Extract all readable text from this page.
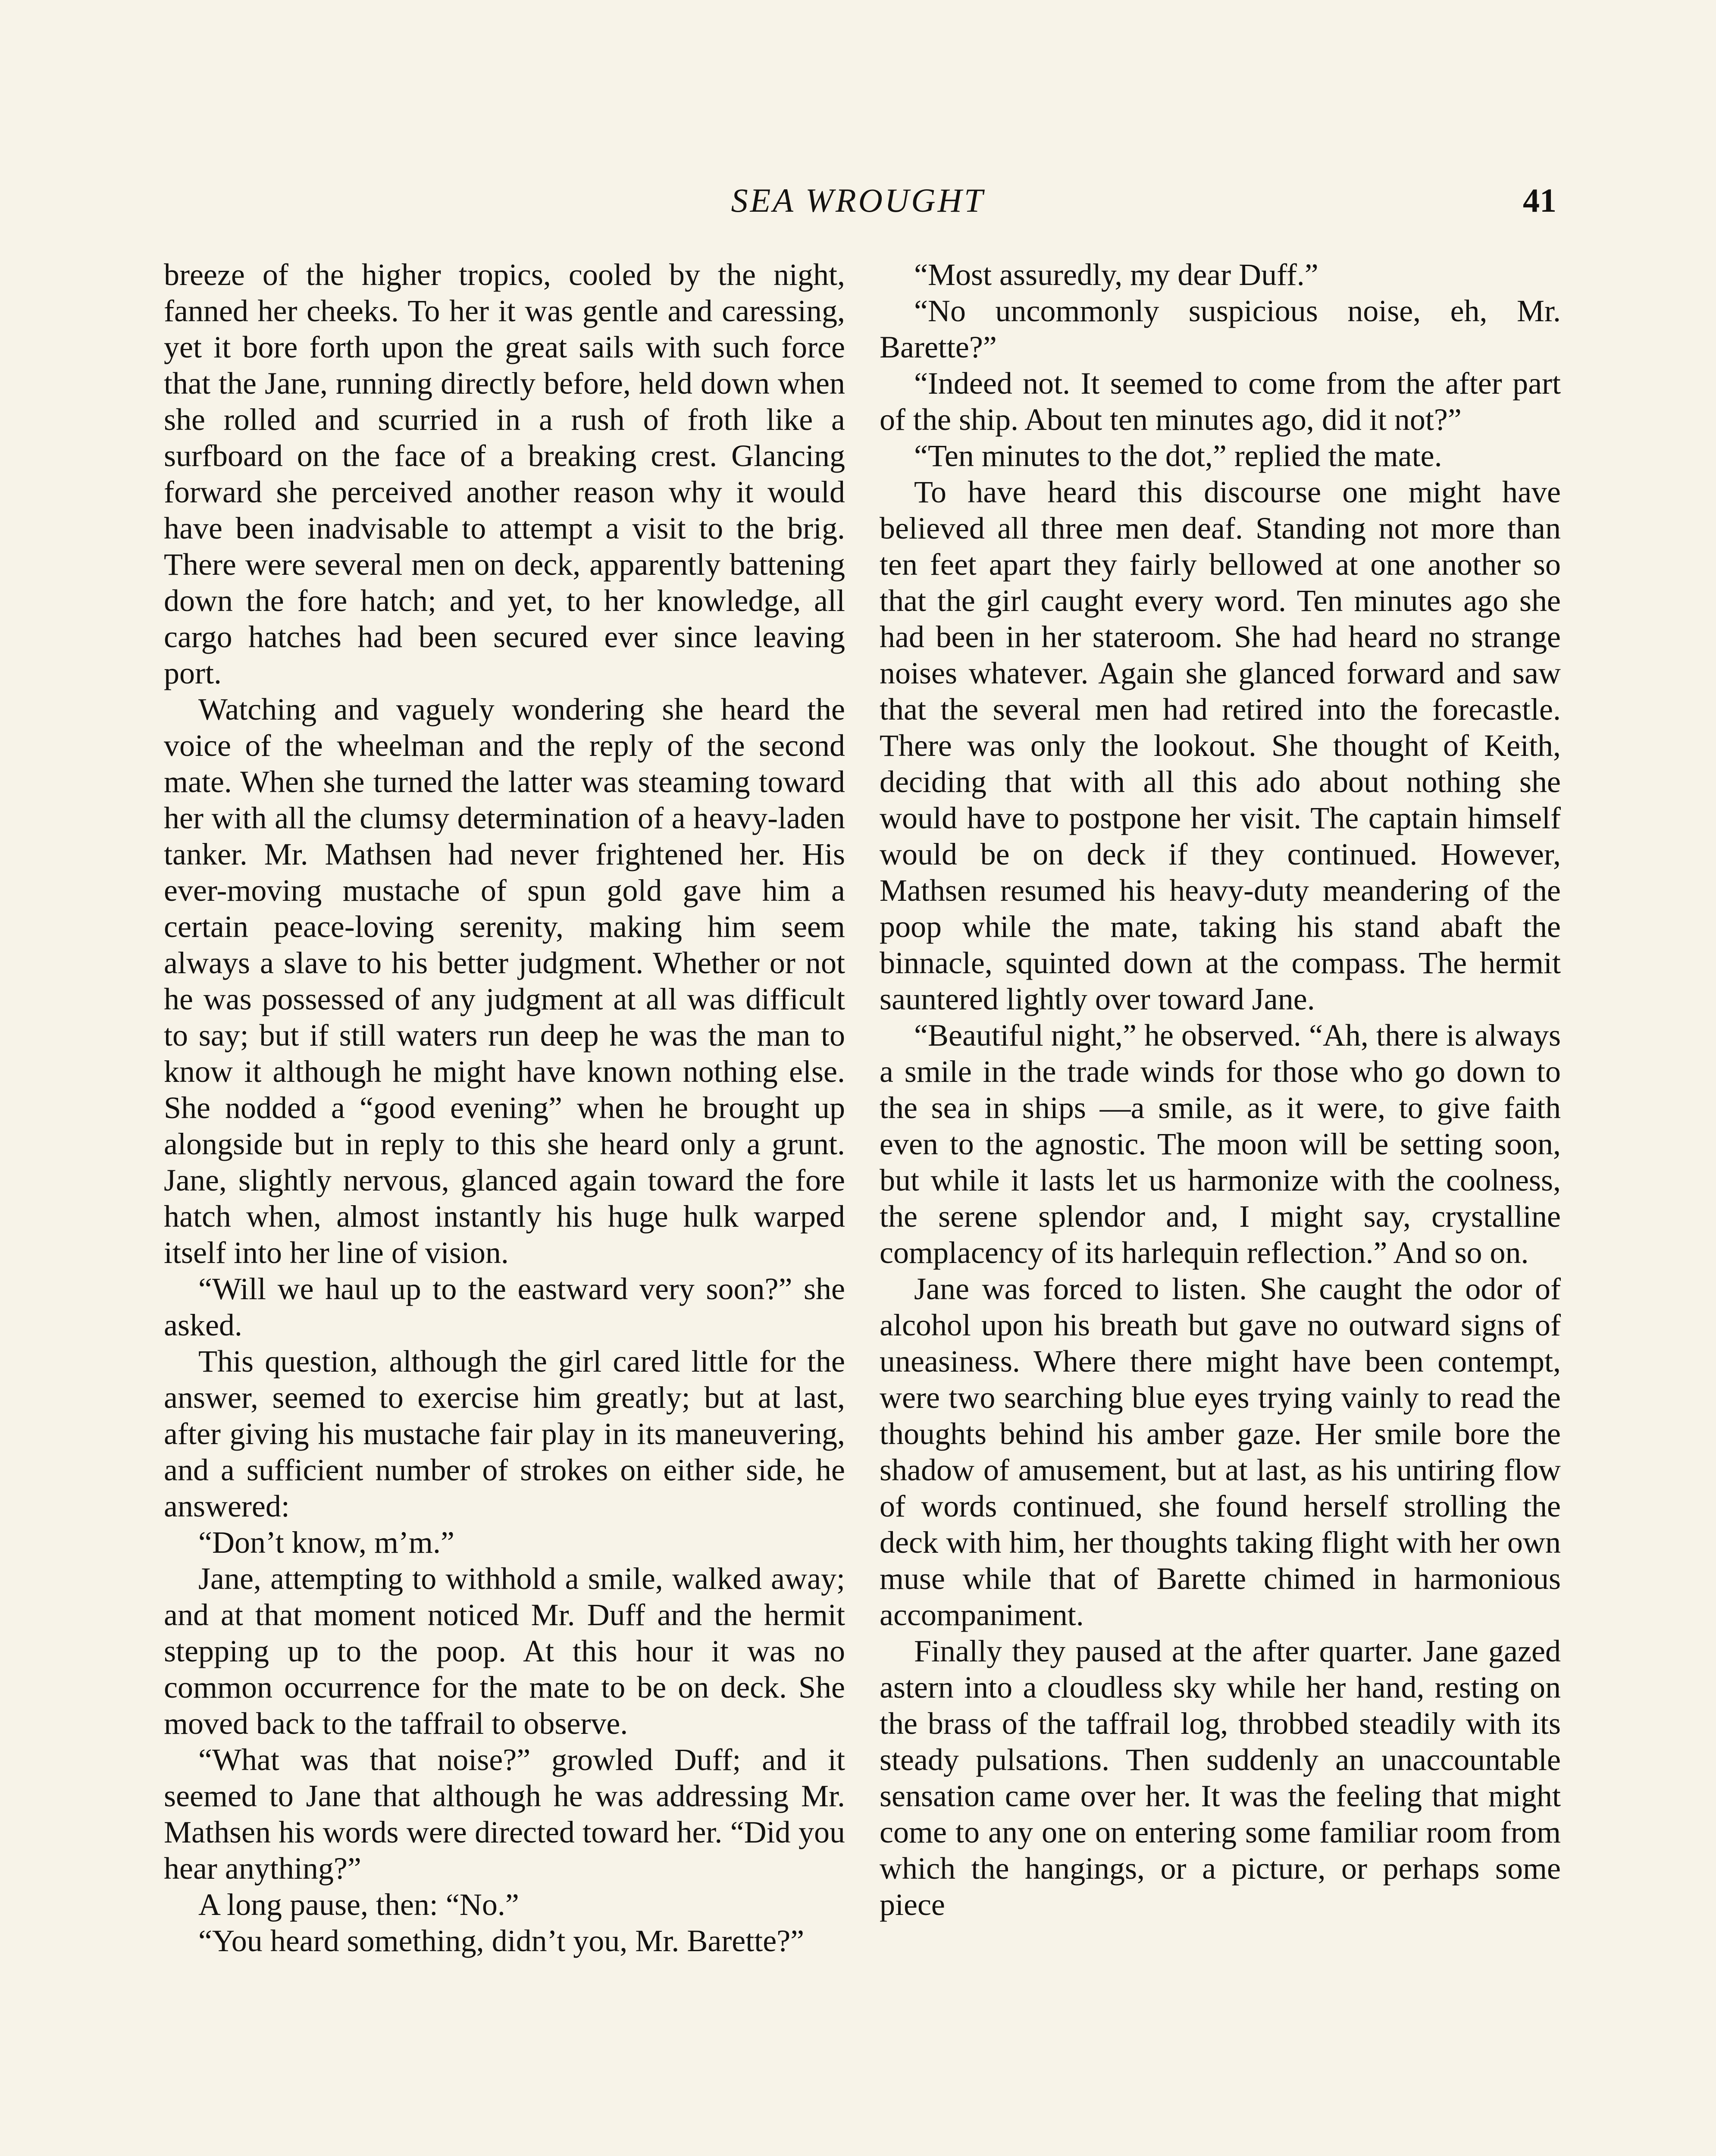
SEA WROUGHT	41

breeze of the higher tropics, cooled by the night, fanned her cheeks. To her it was gentle and caressing, yet it bore forth upon the great sails with such force that the Jane, running directly before, held down when she rolled and scurried in a rush of froth like a surfboard on the face of a breaking crest. Glancing forward she perceived another reason why it would have been inadvisable to attempt a visit to the brig. There were several men on deck, apparently battening down the fore hatch; and yet, to her knowledge, all cargo hatches had been secured ever since leaving port.

Watching and vaguely wondering she heard the voice of the wheelman and the reply of the second mate. When she turned the latter was steaming toward her with all the clumsy determination of a heavy-laden tanker. Mr. Mathsen had never frightened her. His ever-moving mustache of spun gold gave him a certain peace-loving serenity, making him seem always a slave to his better judgment. Whether or not he was possessed of any judgment at all was difficult to say; but if still waters run deep he was the man to know it although he might have known nothing else. She nodded a “good evening” when he brought up alongside but in reply to this she heard only a grunt. Jane, slightly nervous, glanced again toward the fore hatch when, almost instantly his huge hulk warped itself into her line of vision.

“Will we haul up to the eastward very soon?” she asked.

This question, although the girl cared little for the answer, seemed to exercise him greatly; but at last, after giving his mustache fair play in its maneuvering, and a sufficient number of strokes on either side, he answered:

“Don’t know, m’m.”

Jane, attempting to withhold a smile, walked away; and at that moment noticed Mr. Duff and the hermit stepping up to the poop. At this hour it was no common occurrence for the mate to be on deck. She moved back to the taffrail to observe.

“What was that noise?” growled Duff; and it seemed to Jane that although he was addressing Mr. Mathsen his words were directed toward her. “Did you hear anything?”

A long pause, then: “No.”

“You heard something, didn’t you, Mr. Barette?”

“Most assuredly, my dear Duff.”

“No uncommonly suspicious noise, eh, Mr. Barette?”

“Indeed not. It seemed to come from the after part of the ship. About ten minutes ago, did it not?”

“Ten minutes to the dot,” replied the mate.

To have heard this discourse one might have believed all three men deaf. Standing not more than ten feet apart they fairly bellowed at one another so that the girl caught every word. Ten minutes ago she had been in her stateroom. She had heard no strange noises whatever. Again she glanced forward and saw that the several men had retired into the forecastle. There was only the lookout. She thought of Keith, deciding that with all this ado about nothing she would have to postpone her visit. The captain himself would be on deck if they continued. However, Mathsen resumed his heavy-duty meandering of the poop while the mate, taking his stand abaft the binnacle, squinted down at the compass. The hermit sauntered lightly over toward Jane.

“Beautiful night,” he observed. “Ah, there is always a smile in the trade winds for those who go down to the sea in ships —a smile, as it were, to give faith even to the agnostic. The moon will be setting soon, but while it lasts let us harmonize with the coolness, the serene splendor and, I might say, crystalline complacency of its harlequin reflection.” And so on.

Jane was forced to listen. She caught the odor of alcohol upon his breath but gave no outward signs of uneasiness. Where there might have been contempt, were two searching blue eyes trying vainly to read the thoughts behind his amber gaze. Her smile bore the shadow of amusement, but at last, as his untiring flow of words continued, she found herself strolling the deck with him, her thoughts taking flight with her own muse while that of Barette chimed in harmonious accompaniment.

Finally they paused at the after quarter. Jane gazed astern into a cloudless sky while her hand, resting on the brass of the taffrail log, throbbed steadily with its steady pulsations. Then suddenly an unaccountable sensation came over her. It was the feeling that might come to any one on entering some familiar room from which the hangings, or a picture, or perhaps some piece
